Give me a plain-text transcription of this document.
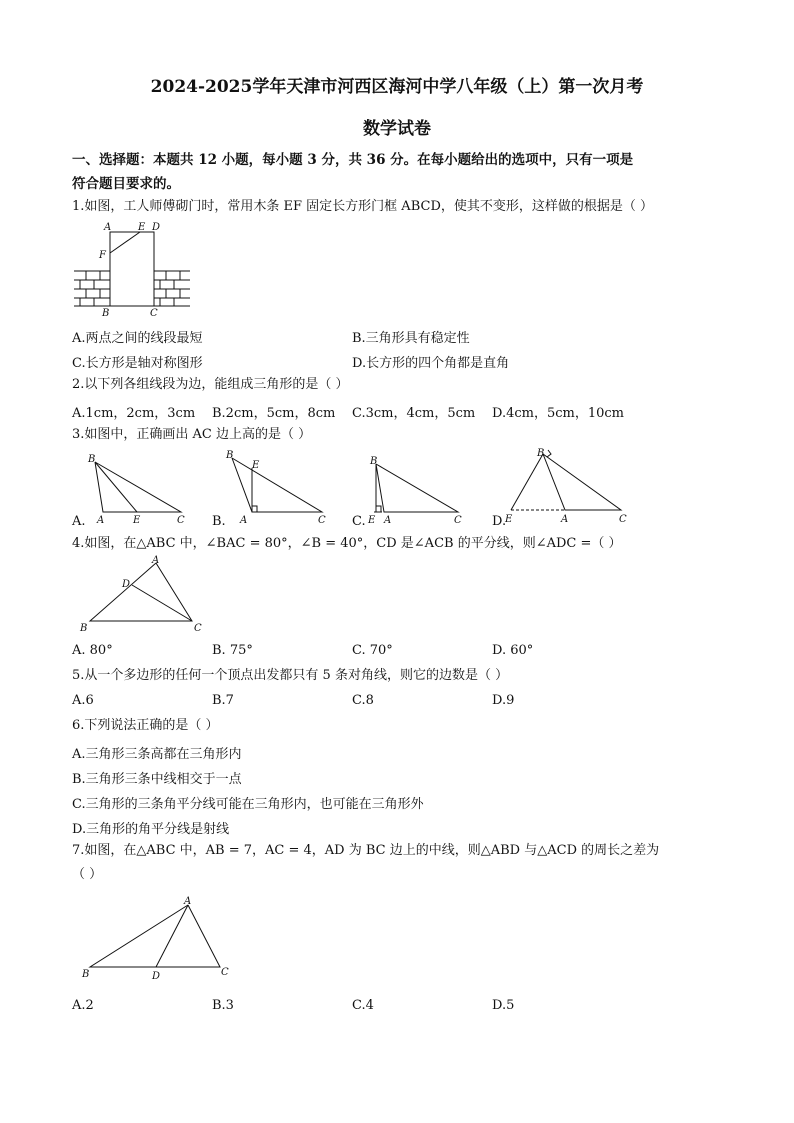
2024-2025学年天津市河西区海河中学八年级（上）第一次月考
数学试卷
一、选择题：本题共 12 小题，每小题 3 分，共 36 分。在每小题给出的选项中，只有一项是
符合题目要求的。
1.如图，工人师傅砌门时，常用木条 EF 固定长方形门框 ABCD，使其不变形，这样做的根据是（ ）
A	E D
F
B	C
A.两点之间的线段最短	B.三角形具有稳定性
C.长方形是轴对称图形	D.长方形的四个角都是直角
2.以下列各组线段为边，能组成三角形的是（ ）
A.1cm，2cm，3cm B.2cm，5cm，8cm C.3cm，4cm，5cm D.4cm，5cm，10cm
3.如图中，正确画出 AC 边上高的是（ ）
A.	B.	C.	D.
B
A	E	C
B
E
A	C
B
E A	C
B
E	A	C
4.如图，在△ABC 中，∠BAC = 80°，∠B = 40°，CD 是∠ACB 的平分线，则∠ADC =（ ）
A
D
B	C
A. 80°	B. 75°	C. 70°	D. 60°
5.从一个多边形的任何一个顶点出发都只有 5 条对角线，则它的边数是（ ）
A.6	B.7	C.8	D.9
6.下列说法正确的是（ ）
A.三角形三条高都在三角形内
B.三角形三条中线相交于一点
C.三角形的三条角平分线可能在三角形内，也可能在三角形外
D.三角形的角平分线是射线
7.如图，在△ABC 中，AB = 7，AC = 4，AD 为 BC 边上的中线，则△ABD 与△ACD 的周长之差为
（ ）
A
B	D	C
A.2	B.3	C.4	D.5
